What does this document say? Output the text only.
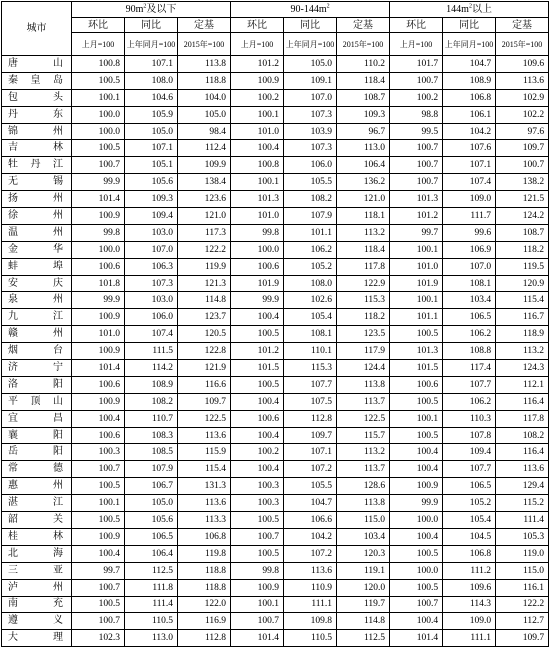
城市	$90m^2$及以下			$90-144m^2$			$144m^2$以上		
	环比	同比	定基	环比	同比	定基	环比	同比	定基
	上月=100	上年同月=100	2015年=100	上月=100	上年同月=100	2015年=100	上月=100	上年同月=100	2015年=100

唐 山	100.8	107.1	113.8	101.2	105.0	110.2	101.7	104.7	109.6

秦 皇 岛	100.5	108.0	118.8	100.9	109.1	118.4	100.7	108.9	113.6

包 头	100.1	104.6	104.0	100.2	107.0	108.7	100.2	106.8	102.9

丹 东	100.0	105.9	105.0	100.1	107.3	109.3	98.8	106.1	102.2

锦 州	100.0	105.0	98.4	101.0	103.9	96.7	99.5	104.2	97.6

吉 林	100.5	107.1	112.4	100.4	107.3	113.0	100.7	107.6	109.7

牡 丹 江	100.7	105.1	109.9	100.8	106.0	106.4	100.7	107.1	100.7

无 锡	99.9	105.6	138.4	100.1	105.5	136.2	100.7	107.4	138.2

扬 州	101.4	109.3	123.6	101.3	108.2	121.0	101.3	109.0	121.5

徐 州	100.9	109.4	121.0	101.0	107.9	118.1	101.2	111.7	124.2

温 州	99.8	103.0	117.3	99.8	101.1	113.2	99.7	99.6	108.7

金 华	100.0	107.0	122.2	100.0	106.2	118.4	100.1	106.9	118.2

蚌 埠	100.6	106.3	119.9	100.6	105.2	117.8	101.0	107.0	119.5

安 庆	101.8	107.3	121.3	101.9	108.0	122.9	101.9	108.1	120.9

泉 州	99.9	103.0	114.8	99.9	102.6	115.3	100.1	103.4	115.4

九 江	100.9	106.0	123.7	100.4	105.4	118.2	101.1	106.5	116.7

赣 州	101.0	107.4	120.5	100.5	108.1	123.5	100.5	106.2	118.9

烟 台	100.9	111.5	122.8	101.2	110.1	117.9	101.3	108.8	113.2

济 宁	101.4	114.2	121.9	101.5	115.3	124.4	101.5	117.4	124.3

洛 阳	100.6	108.9	116.6	100.5	107.7	113.8	100.6	107.7	112.1

平 顶 山	100.9	108.2	109.7	100.4	107.5	113.7	100.5	106.2	116.4

宜 昌	100.4	110.7	122.5	100.6	112.8	122.5	100.1	110.3	117.8

襄 阳	100.6	108.3	113.6	100.4	109.7	115.7	100.5	107.8	108.2

岳 阳	100.3	108.5	115.9	100.2	107.1	113.2	100.4	109.4	116.4

常 德	100.7	107.9	115.4	100.4	107.2	113.7	100.4	107.7	113.6

惠 州	100.5	106.7	131.3	100.3	105.5	128.6	100.9	106.5	129.4

湛 江	100.1	105.0	113.6	100.3	104.7	113.8	99.9	105.2	115.2

韶 关	100.5	105.6	113.3	100.5	106.6	115.0	100.0	105.4	111.4

桂 林	100.9	106.5	106.8	100.7	104.2	103.4	100.4	104.5	105.3

北 海	100.4	106.4	119.8	100.5	107.2	120.3	100.5	106.8	119.0

三 亚	99.7	112.5	118.8	99.8	113.6	119.1	100.0	111.2	115.0

泸 州	100.7	111.8	118.8	100.9	110.9	120.0	100.5	109.6	116.1

南 充	100.5	111.4	122.0	100.1	111.1	119.7	100.7	114.3	122.2

遵 义	100.7	110.5	116.9	100.7	109.8	114.8	100.4	109.0	112.7

大 理	102.3	113.0	112.8	101.4	110.5	112.5	101.4	111.1	109.7
